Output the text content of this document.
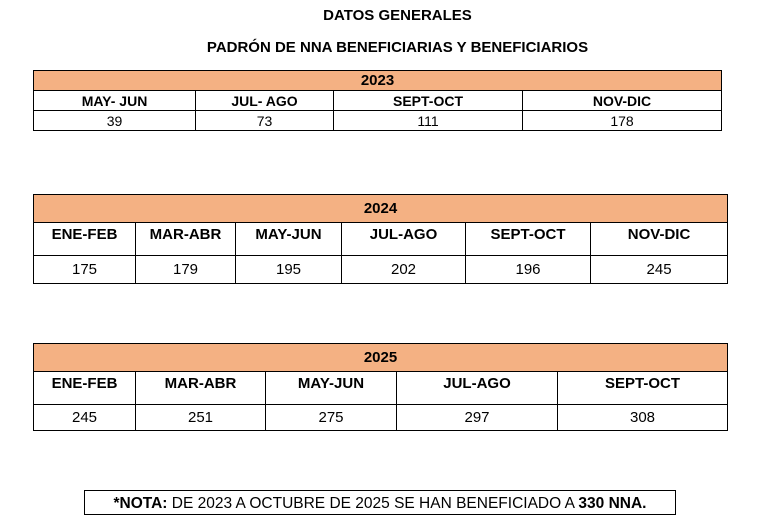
DATOS GENERALES
PADRÓN DE NNA BENEFICIARIAS Y BENEFICIARIOS
2023			
MAY- JUN	JUL- AGO	SEPT-OCT	NOV-DIC
39	73	111	178
2024					
ENE-FEB	MAR-ABR	MAY-JUN	JUL-AGO	SEPT-OCT	NOV-DIC
175	179	195	202	196	245
2025				
ENE-FEB	MAR-ABR	MAY-JUN	JUL-AGO	SEPT-OCT
245	251	275	297	308
*NOTA: DE 2023 A OCTUBRE DE 2025 SE HAN BENEFICIADO A 330 NNA.
